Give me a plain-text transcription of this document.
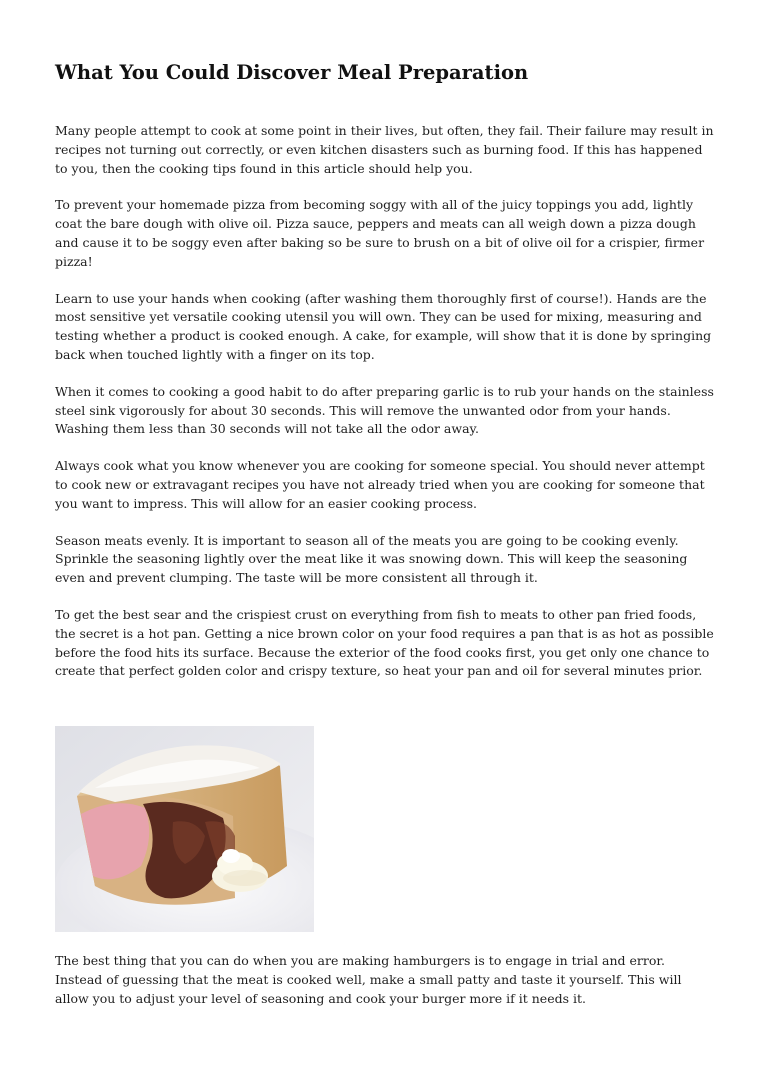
What You Could Discover Meal Preparation

Many people attempt to cook at some point in their lives, but often, they fail. Their failure may result in recipes not turning out correctly, or even kitchen disasters such as burning food. If this has happened to you, then the cooking tips found in this article should help you.

To prevent your homemade pizza from becoming soggy with all of the juicy toppings you add, lightly coat the bare dough with olive oil. Pizza sauce, peppers and meats can all weigh down a pizza dough and cause it to be soggy even after baking so be sure to brush on a bit of olive oil for a crispier, firmer pizza!

Learn to use your hands when cooking (after washing them thoroughly first of course!). Hands are the most sensitive yet versatile cooking utensil you will own. They can be used for mixing, measuring and testing whether a product is cooked enough. A cake, for example, will show that it is done by springing back when touched lightly with a finger on its top.

When it comes to cooking a good habit to do after preparing garlic is to rub your hands on the stainless steel sink vigorously for about 30 seconds. This will remove the unwanted odor from your hands. Washing them less than 30 seconds will not take all the odor away.

Always cook what you know whenever you are cooking for someone special. You should never attempt to cook new or extravagant recipes you have not already tried when you are cooking for someone that you want to impress. This will allow for an easier cooking process.

Season meats evenly. It is important to season all of the meats you are going to be cooking evenly. Sprinkle the seasoning lightly over the meat like it was snowing down. This will keep the seasoning even and prevent clumping. The taste will be more consistent all through it.

To get the best sear and the crispiest crust on everything from fish to meats to other pan fried foods, the secret is a hot pan. Getting a nice brown color on your food requires a pan that is as hot as possible before the food hits its surface. Because the exterior of the food cooks first, you get only one chance to create that perfect golden color and crispy texture, so heat your pan and oil for several minutes prior.

The best thing that you can do when you are making hamburgers is to engage in trial and error. Instead of guessing that the meat is cooked well, make a small patty and taste it yourself. This will allow you to adjust your level of seasoning and cook your burger more if it needs it.
